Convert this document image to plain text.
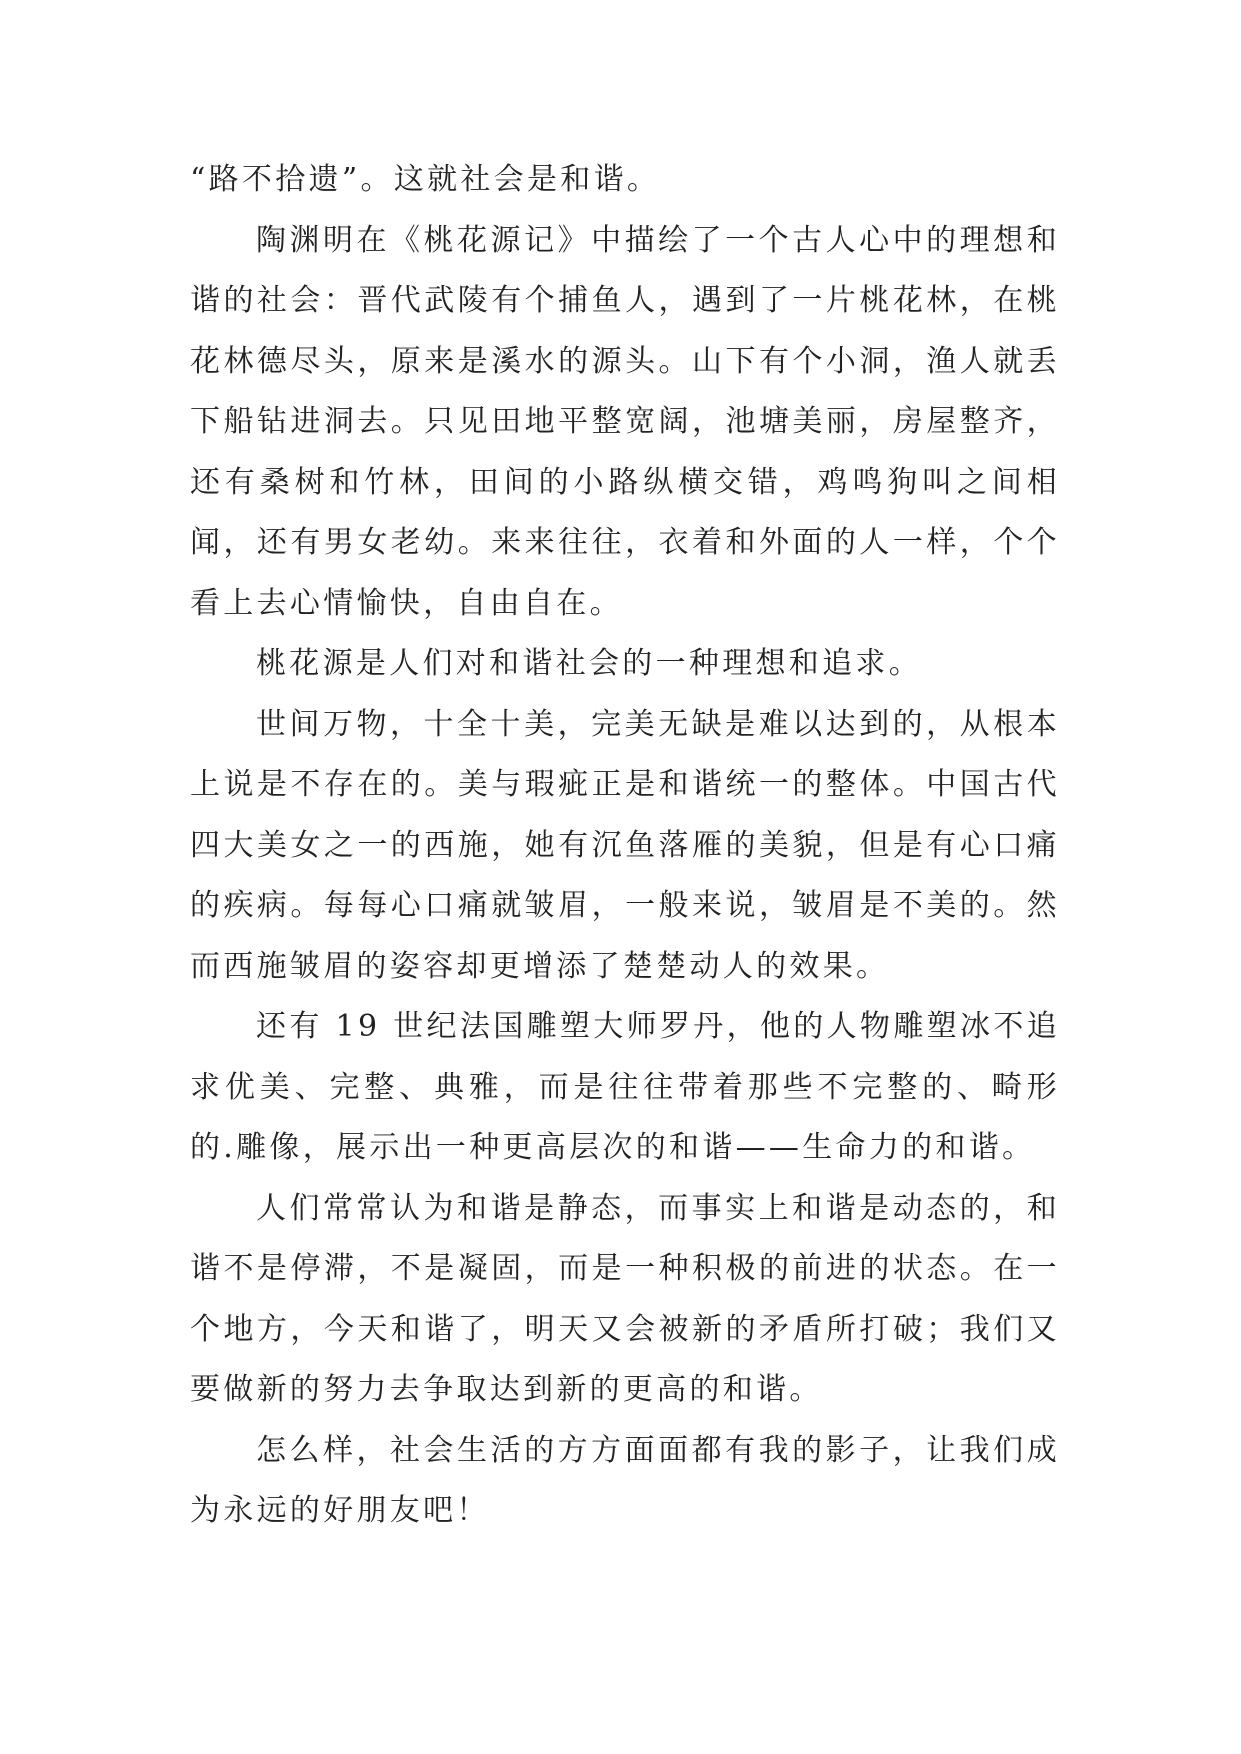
“路不拾遗”。这就社会是和谐。

陶渊明在《桃花源记》中描绘了一个古人心中的理想和谐的社会：晋代武陵有个捕鱼人，遇到了一片桃花林，在桃花林德尽头，原来是溪水的源头。山下有个小洞，渔人就丢下船钻进洞去。只见田地平整宽阔，池塘美丽，房屋整齐，还有桑树和竹林，田间的小路纵横交错，鸡鸣狗叫之间相闻，还有男女老幼。来来往往，衣着和外面的人一样，个个看上去心情愉快，自由自在。

桃花源是人们对和谐社会的一种理想和追求。

世间万物，十全十美，完美无缺是难以达到的，从根本上说是不存在的。美与瑕疵正是和谐统一的整体。中国古代四大美女之一的西施，她有沉鱼落雁的美貌，但是有心口痛的疾病。每每心口痛就皱眉，一般来说，皱眉是不美的。然而西施皱眉的姿容却更增添了楚楚动人的效果。

还有 19 世纪法国雕塑大师罗丹，他的人物雕塑冰不追求优美、完整、典雅，而是往往带着那些不完整的、畸形的.雕像，展示出一种更高层次的和谐——生命力的和谐。

人们常常认为和谐是静态，而事实上和谐是动态的，和谐不是停滞，不是凝固，而是一种积极的前进的状态。在一个地方，今天和谐了，明天又会被新的矛盾所打破；我们又要做新的努力去争取达到新的更高的和谐。

怎么样，社会生活的方方面面都有我的影子，让我们成为永远的好朋友吧！
